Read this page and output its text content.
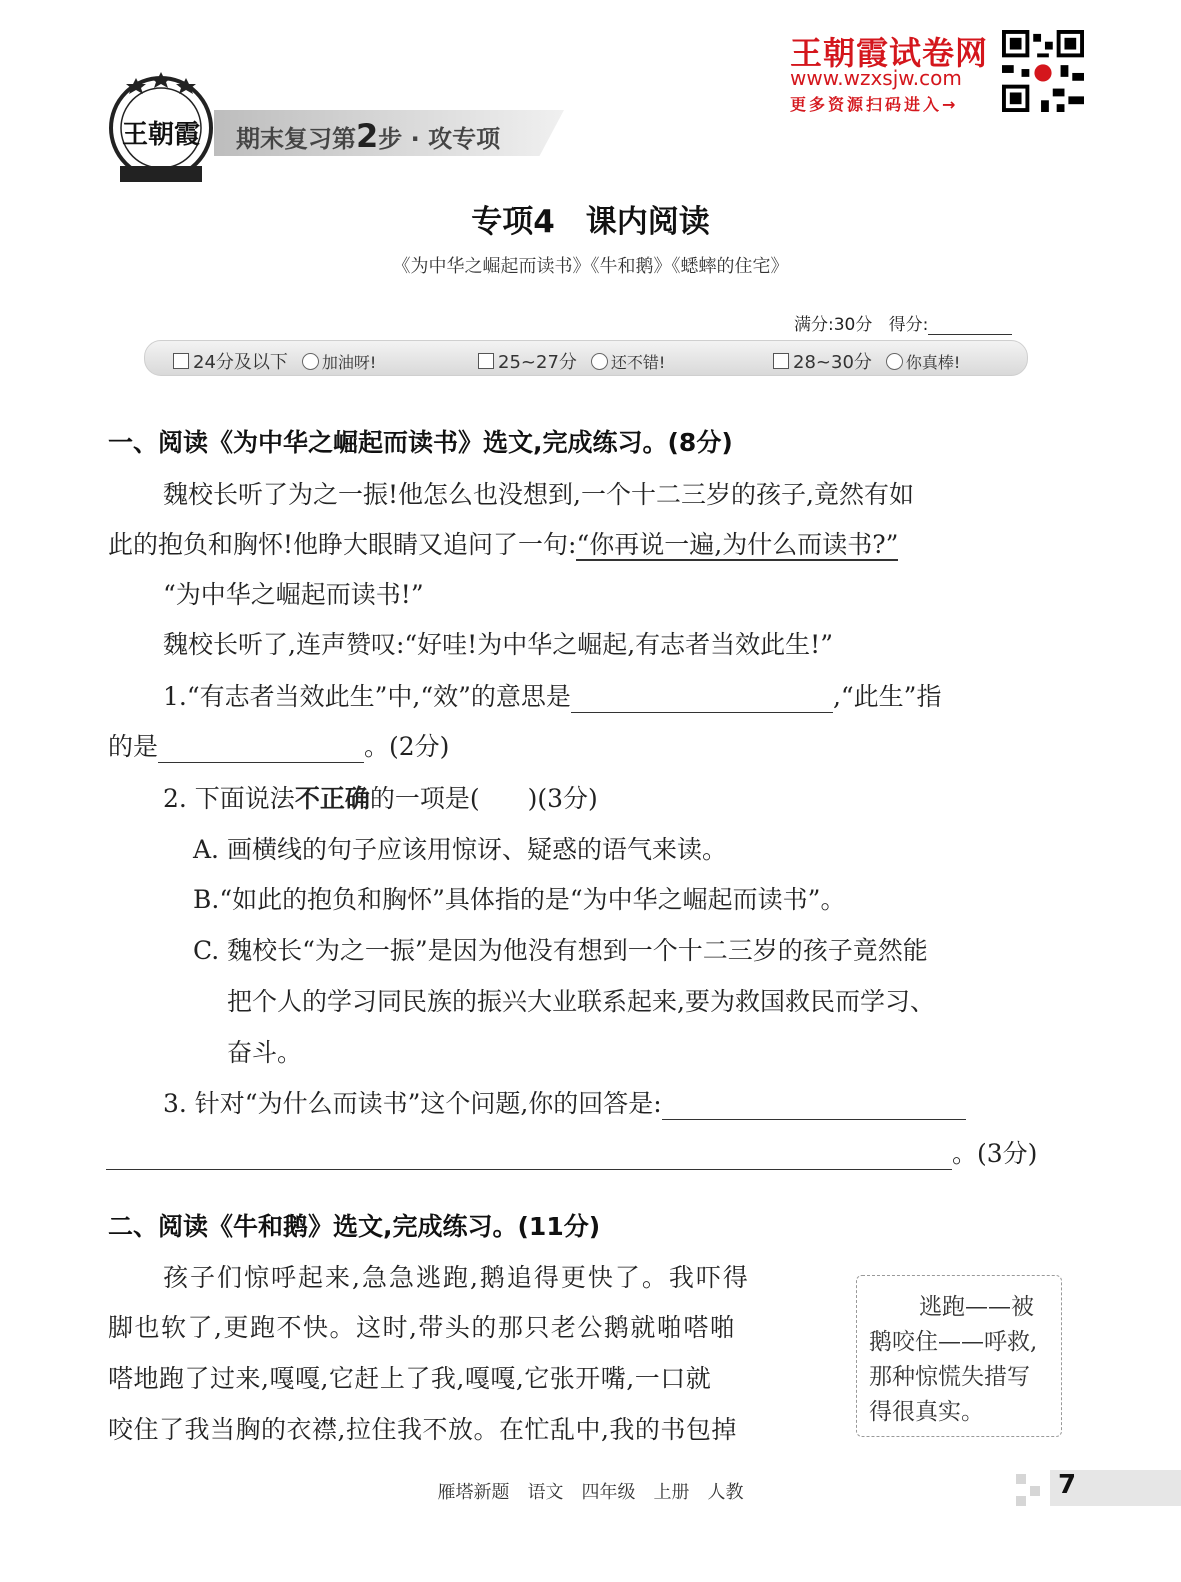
王朝霞 期末复习第2步 · 攻专项
王朝霞试卷网
www.wzxsjw.com
更多资源扫码进入→
专项4　课内阅读
《为中华之崛起而读书》《牛和鹅》《蟋蟀的住宅》
满分:30分 得分:
24分及以下 加油呀!	25~27分 还不错!	28~30分 你真棒!
一、阅读《为中华之崛起而读书》选文,完成练习。(8分)
魏校长听了为之一振!他怎么也没想到,一个十二三岁的孩子,竟然有如
此的抱负和胸怀!他睁大眼睛又追问了一句:“你再说一遍,为什么而读书?”
“为中华之崛起而读书!”
魏校长听了,连声赞叹:“好哇!为中华之崛起,有志者当效此生!”
1.“有志者当效此生”中,“效”的意思是	,“此生”指
的是	。(2分)
2. 下面说法不正确的一项是( )(3分)
A. 画横线的句子应该用惊讶、疑惑的语气来读。
B.“如此的抱负和胸怀”具体指的是“为中华之崛起而读书”。
C. 魏校长“为之一振”是因为他没有想到一个十二三岁的孩子竟然能
把个人的学习同民族的振兴大业联系起来,要为救国救民而学习、
奋斗。
3. 针对“为什么而读书”这个问题,你的回答是:
。(3分)
二、阅读《牛和鹅》选文,完成练习。(11分)
孩子们惊呼起来,急急逃跑,鹅追得更快了。我吓得
脚也软了,更跑不快。这时,带头的那只老公鹅就啪嗒啪
嗒地跑了过来,嘎嘎,它赶上了我,嘎嘎,它张开嘴,一口就
咬住了我当胸的衣襟,拉住我不放。在忙乱中,我的书包掉
逃跑——被
鹅咬住——呼救,
那种惊慌失措写
得很真实。
雁塔新题　语文　四年级　上册　人教	7
